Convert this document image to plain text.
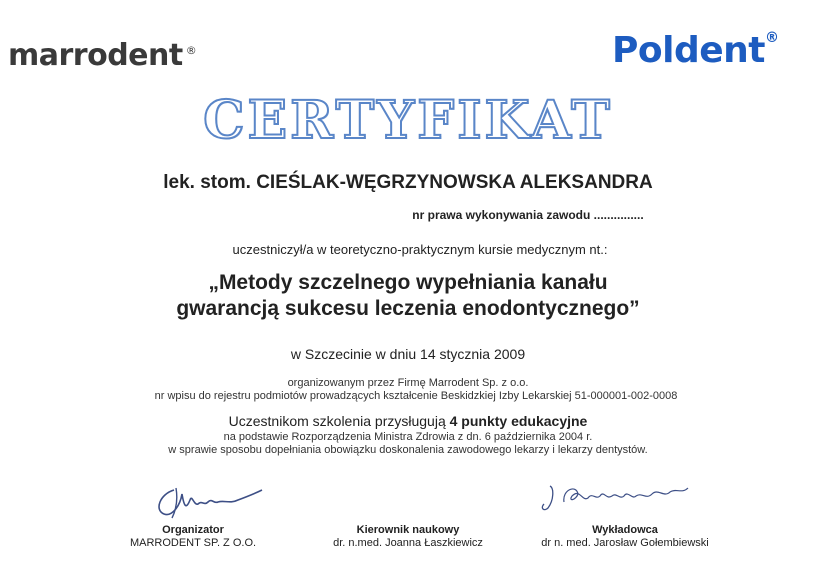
marrodent ®	Poldent®
CERTYFIKAT
lek. stom. CIEŚLAK-WĘGRZYNOWSKA ALEKSANDRA
nr prawa wykonywania zawodu ...............
uczestniczył/a w teoretyczno-praktycznym kursie medycznym nt.:
„Metody szczelnego wypełniania kanału
gwarancją sukcesu leczenia enodontycznego”
w Szczecinie w dniu 14 stycznia 2009
organizowanym przez Firmę Marrodent Sp. z o.o.
nr wpisu do rejestru podmiotów prowadzących kształcenie Beskidzkiej Izby Lekarskiej 51-000001-002-0008
Uczestnikom szkolenia przysługują 4 punkty edukacyjne
na podstawie Rozporządzenia Ministra Zdrowia z dn. 6 października 2004 r.
w sprawie sposobu dopełniania obowiązku doskonalenia zawodowego lekarzy i lekarzy dentystów.
Organizator
MARRODENT SP. Z O.O.
Kierownik naukowy
dr. n.med. Joanna Łaszkiewicz
Wykładowca
dr n. med. Jarosław Gołembiewski
